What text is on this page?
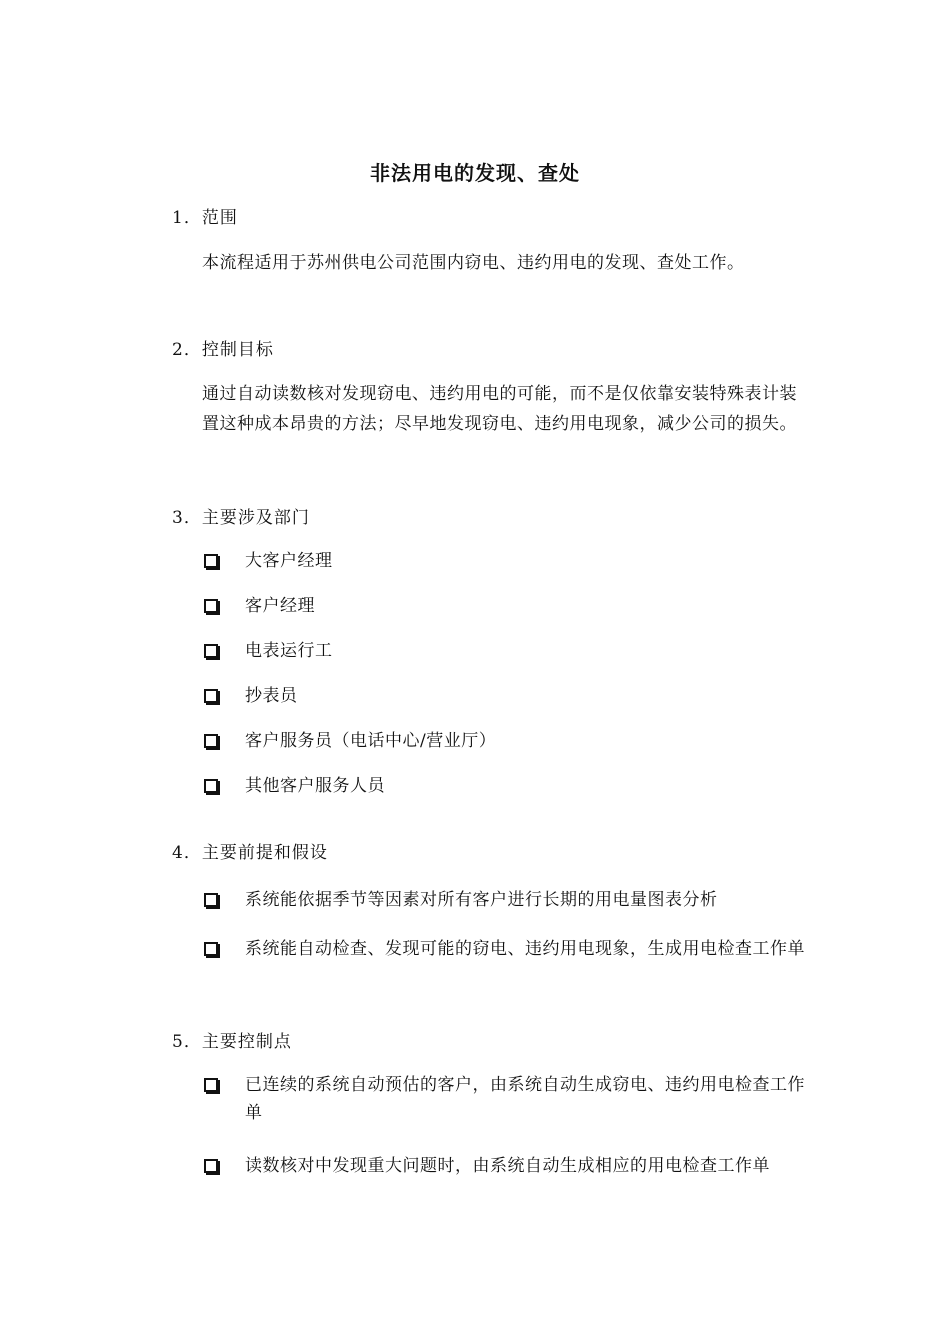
非法用电的发现、查处
1．范围
本流程适用于苏州供电公司范围内窃电、违约用电的发现、查处工作。
2．控制目标
通过自动读数核对发现窃电、违约用电的可能，而不是仅依靠安装特殊表计装置这种成本昂贵的方法；尽早地发现窃电、违约用电现象，减少公司的损失。
3．主要涉及部门
大客户经理
客户经理
电表运行工
抄表员
客户服务员（电话中心/营业厅）
其他客户服务人员
4．主要前提和假设
系统能依据季节等因素对所有客户进行长期的用电量图表分析
系统能自动检查、发现可能的窃电、违约用电现象，生成用电检查工作单
5．主要控制点
已连续的系统自动预估的客户，由系统自动生成窃电、违约用电检查工作单
读数核对中发现重大问题时，由系统自动生成相应的用电检查工作单
